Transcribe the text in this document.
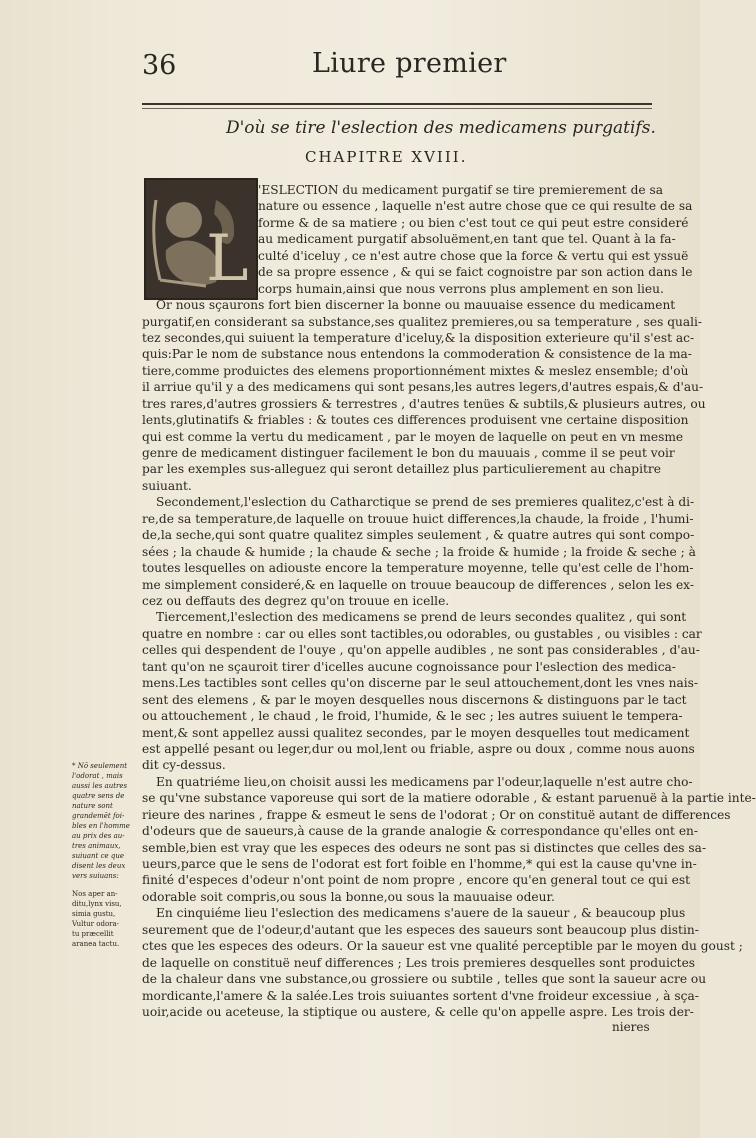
36	Liure premier
D'où se tire l'eslection des medicamens purgatifs.
CHAPITRE XVIII.
L
'ESLECTION du medicament purgatif se tire premierement de sa
nature ou essence , laquelle n'est autre chose que ce qui resulte de sa
forme & de sa matiere ; ou bien c'est tout ce qui peut estre consideré
au medicament purgatif absoluëment,en tant que tel. Quant à la fa-
culté d'iceluy , ce n'est autre chose que la force & vertu qui est yssuë
de sa propre essence , & qui se faict cognoistre par son action dans le
corps humain,ainsi que nous verrons plus amplement en son lieu.
Or nous sçaurons fort bien discerner la bonne ou mauuaise essence du medicament
purgatif,en considerant sa substance,ses qualitez premieres,ou sa temperature , ses quali-
tez secondes,qui suiuent la temperature d'iceluy,& la disposition exterieure qu'il s'est ac-
quis:Par le nom de substance nous entendons la commoderation & consistence de la ma-
tiere,comme produictes des elemens proportionnément mixtes & meslez ensemble; d'où
il arriue qu'il y a des medicamens qui sont pesans,les autres legers,d'autres espais,& d'au-
tres rares,d'autres grossiers & terrestres , d'autres tenües & subtils,& plusieurs autres, ou
lents,glutinatifs & friables : & toutes ces differences produisent vne certaine disposition
qui est comme la vertu du medicament , par le moyen de laquelle on peut en vn mesme
genre de medicament distinguer facilement le bon du mauuais , comme il se peut voir
par les exemples sus-alleguez qui seront detaillez plus particulierement au chapitre
suiuant.
Secondement,l'eslection du Catharctique se prend de ses premieres qualitez,c'est à di-
re,de sa temperature,de laquelle on trouue huict differences,la chaude, la froide , l'humi-
de,la seche,qui sont quatre qualitez simples seulement , & quatre autres qui sont compo-
sées ; la chaude & humide ; la chaude & seche ; la froide & humide ; la froide & seche ; à
toutes lesquelles on adiouste encore la temperature moyenne, telle qu'est celle de l'hom-
me simplement consideré,& en laquelle on trouue beaucoup de differences , selon les ex-
cez ou deffauts des degrez qu'on trouue en icelle.
Tiercement,l'eslection des medicamens se prend de leurs secondes qualitez , qui sont
quatre en nombre : car ou elles sont tactibles,ou odorables, ou gustables , ou visibles : car
celles qui despendent de l'ouye , qu'on appelle audibles , ne sont pas considerables , d'au-
tant qu'on ne sçauroit tirer d'icelles aucune cognoissance pour l'eslection des medica-
mens.Les tactibles sont celles qu'on discerne par le seul attouchement,dont les vnes nais-
sent des elemens , & par le moyen desquelles nous discernons & distinguons par le tact
ou attouchement , le chaud , le froid, l'humide, & le sec ; les autres suiuent le tempera-
ment,& sont appellez aussi qualitez secondes, par le moyen desquelles tout medicament
est appellé pesant ou leger,dur ou mol,lent ou friable, aspre ou doux , comme nous auons
dit cy-dessus.
En quatriéme lieu,on choisit aussi les medicamens par l'odeur,laquelle n'est autre cho-
se qu'vne substance vaporeuse qui sort de la matiere odorable , & estant paruenuë à la partie inte-
rieure des narines , frappe & esmeut le sens de l'odorat ; Or on constituë autant de differences
d'odeurs que de saueurs,à cause de la grande analogie & correspondance qu'elles ont en-
semble,bien est vray que les especes des odeurs ne sont pas si distinctes que celles des sa-
ueurs,parce que le sens de l'odorat est fort foible en l'homme,* qui est la cause qu'vne in-
finité d'especes d'odeur n'ont point de nom propre , encore qu'en general tout ce qui est
odorable soit compris,ou sous la bonne,ou sous la mauuaise odeur.
En cinquiéme lieu l'eslection des medicamens s'auere de la saueur , & beaucoup plus
seurement que de l'odeur,d'autant que les especes des saueurs sont beaucoup plus distin-
ctes que les especes des odeurs. Or la saueur est vne qualité perceptible par le moyen du goust ;
de laquelle on constituë neuf differences ; Les trois premieres desquelles sont produictes
de la chaleur dans vne substance,ou grossiere ou subtile , telles que sont la saueur acre ou
mordicante,l'amere & la salée.Les trois suiuantes sortent d'vne froideur excessiue , à sça-
uoir,acide ou aceteuse, la stiptique ou austere, & celle qu'on appelle aspre. Les trois der-
* Nō seulement
l'odorat , mais
aussi les autres
quatre sens de
nature sont
grandemēt foi-
bles en l'homme
au prix des au-
tres animaux,
suiuant ce que
disent les deux
vers suiuans:
Nos aper an-
ditu,lynx visu,
simia gustu,
Vultur odora-
tu præcellit
aranea tactu.
nieres
